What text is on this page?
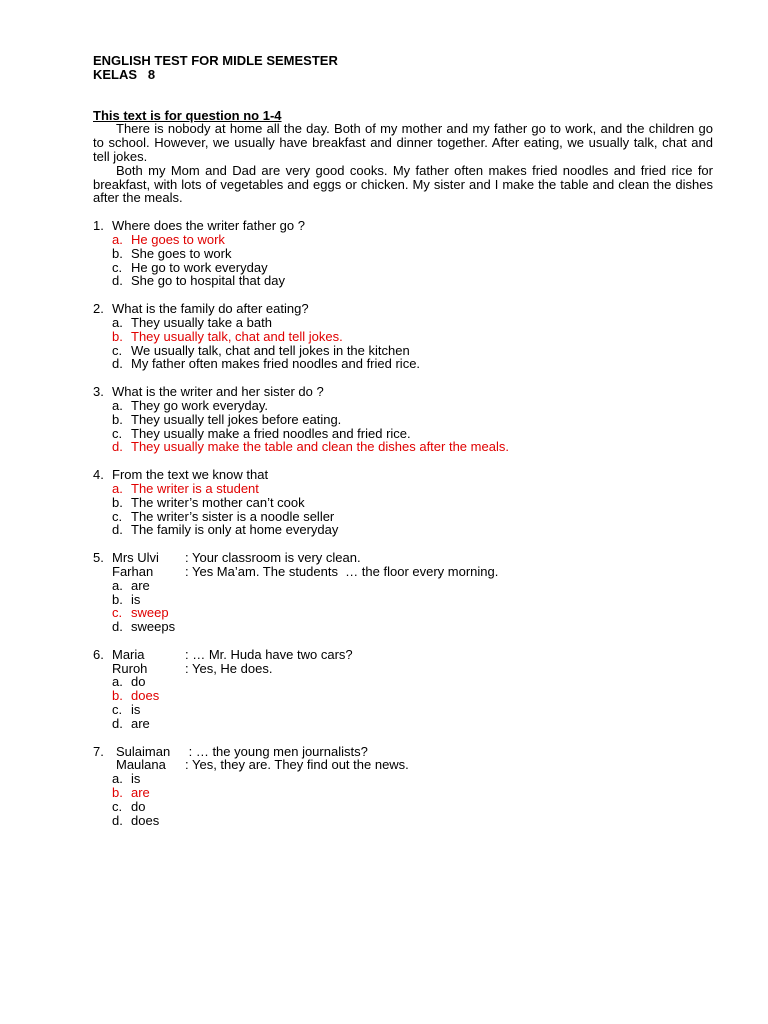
ENGLISH TEST FOR MIDLE SEMESTER
KELAS   8
This text is for question no 1-4
There is nobody at home all the day. Both of my mother and my father go to work, and the children go to school. However, we usually have breakfast and dinner together. After eating, we usually talk, chat and tell jokes.
Both my Mom and Dad are very good cooks. My father often makes fried noodles and fried rice for breakfast, with lots of vegetables and eggs or chicken. My sister and I make the table and clean the dishes after the meals.
1. Where does the writer father go ?
a. He goes to work
b. She goes to work
c. He go to work everyday
d. She go to hospital that day
2. What is the family do after eating?
a. They usually take a bath
b. They usually talk, chat and tell jokes.
c. We usually talk, chat and tell jokes in the kitchen
d. My father often makes fried noodles and fried rice.
3. What is the writer and her sister do ?
a. They go work everyday.
b. They usually tell jokes before eating.
c. They usually make a fried noodles and fried rice.
d. They usually make the table and clean the dishes after the meals.
4. From the text we know that
a. The writer is a student
b. The writer’s mother can’t cook
c. The writer’s sister is a noodle seller
d. The family is only at home everyday
5. Mrs Ulvi	: Your classroom is very clean.
Farhan	: Yes Ma’am. The students  … the floor every morning.
a. are
b. is
c. sweep
d. sweeps
6. Maria	: … Mr. Huda have two cars?
Ruroh	: Yes, He does.
a. do
b. does
c. is
d. are
7. Sulaiman	: … the young men journalists?
Maulana	: Yes, they are. They find out the news.
a. is
b. are
c. do
d. does
